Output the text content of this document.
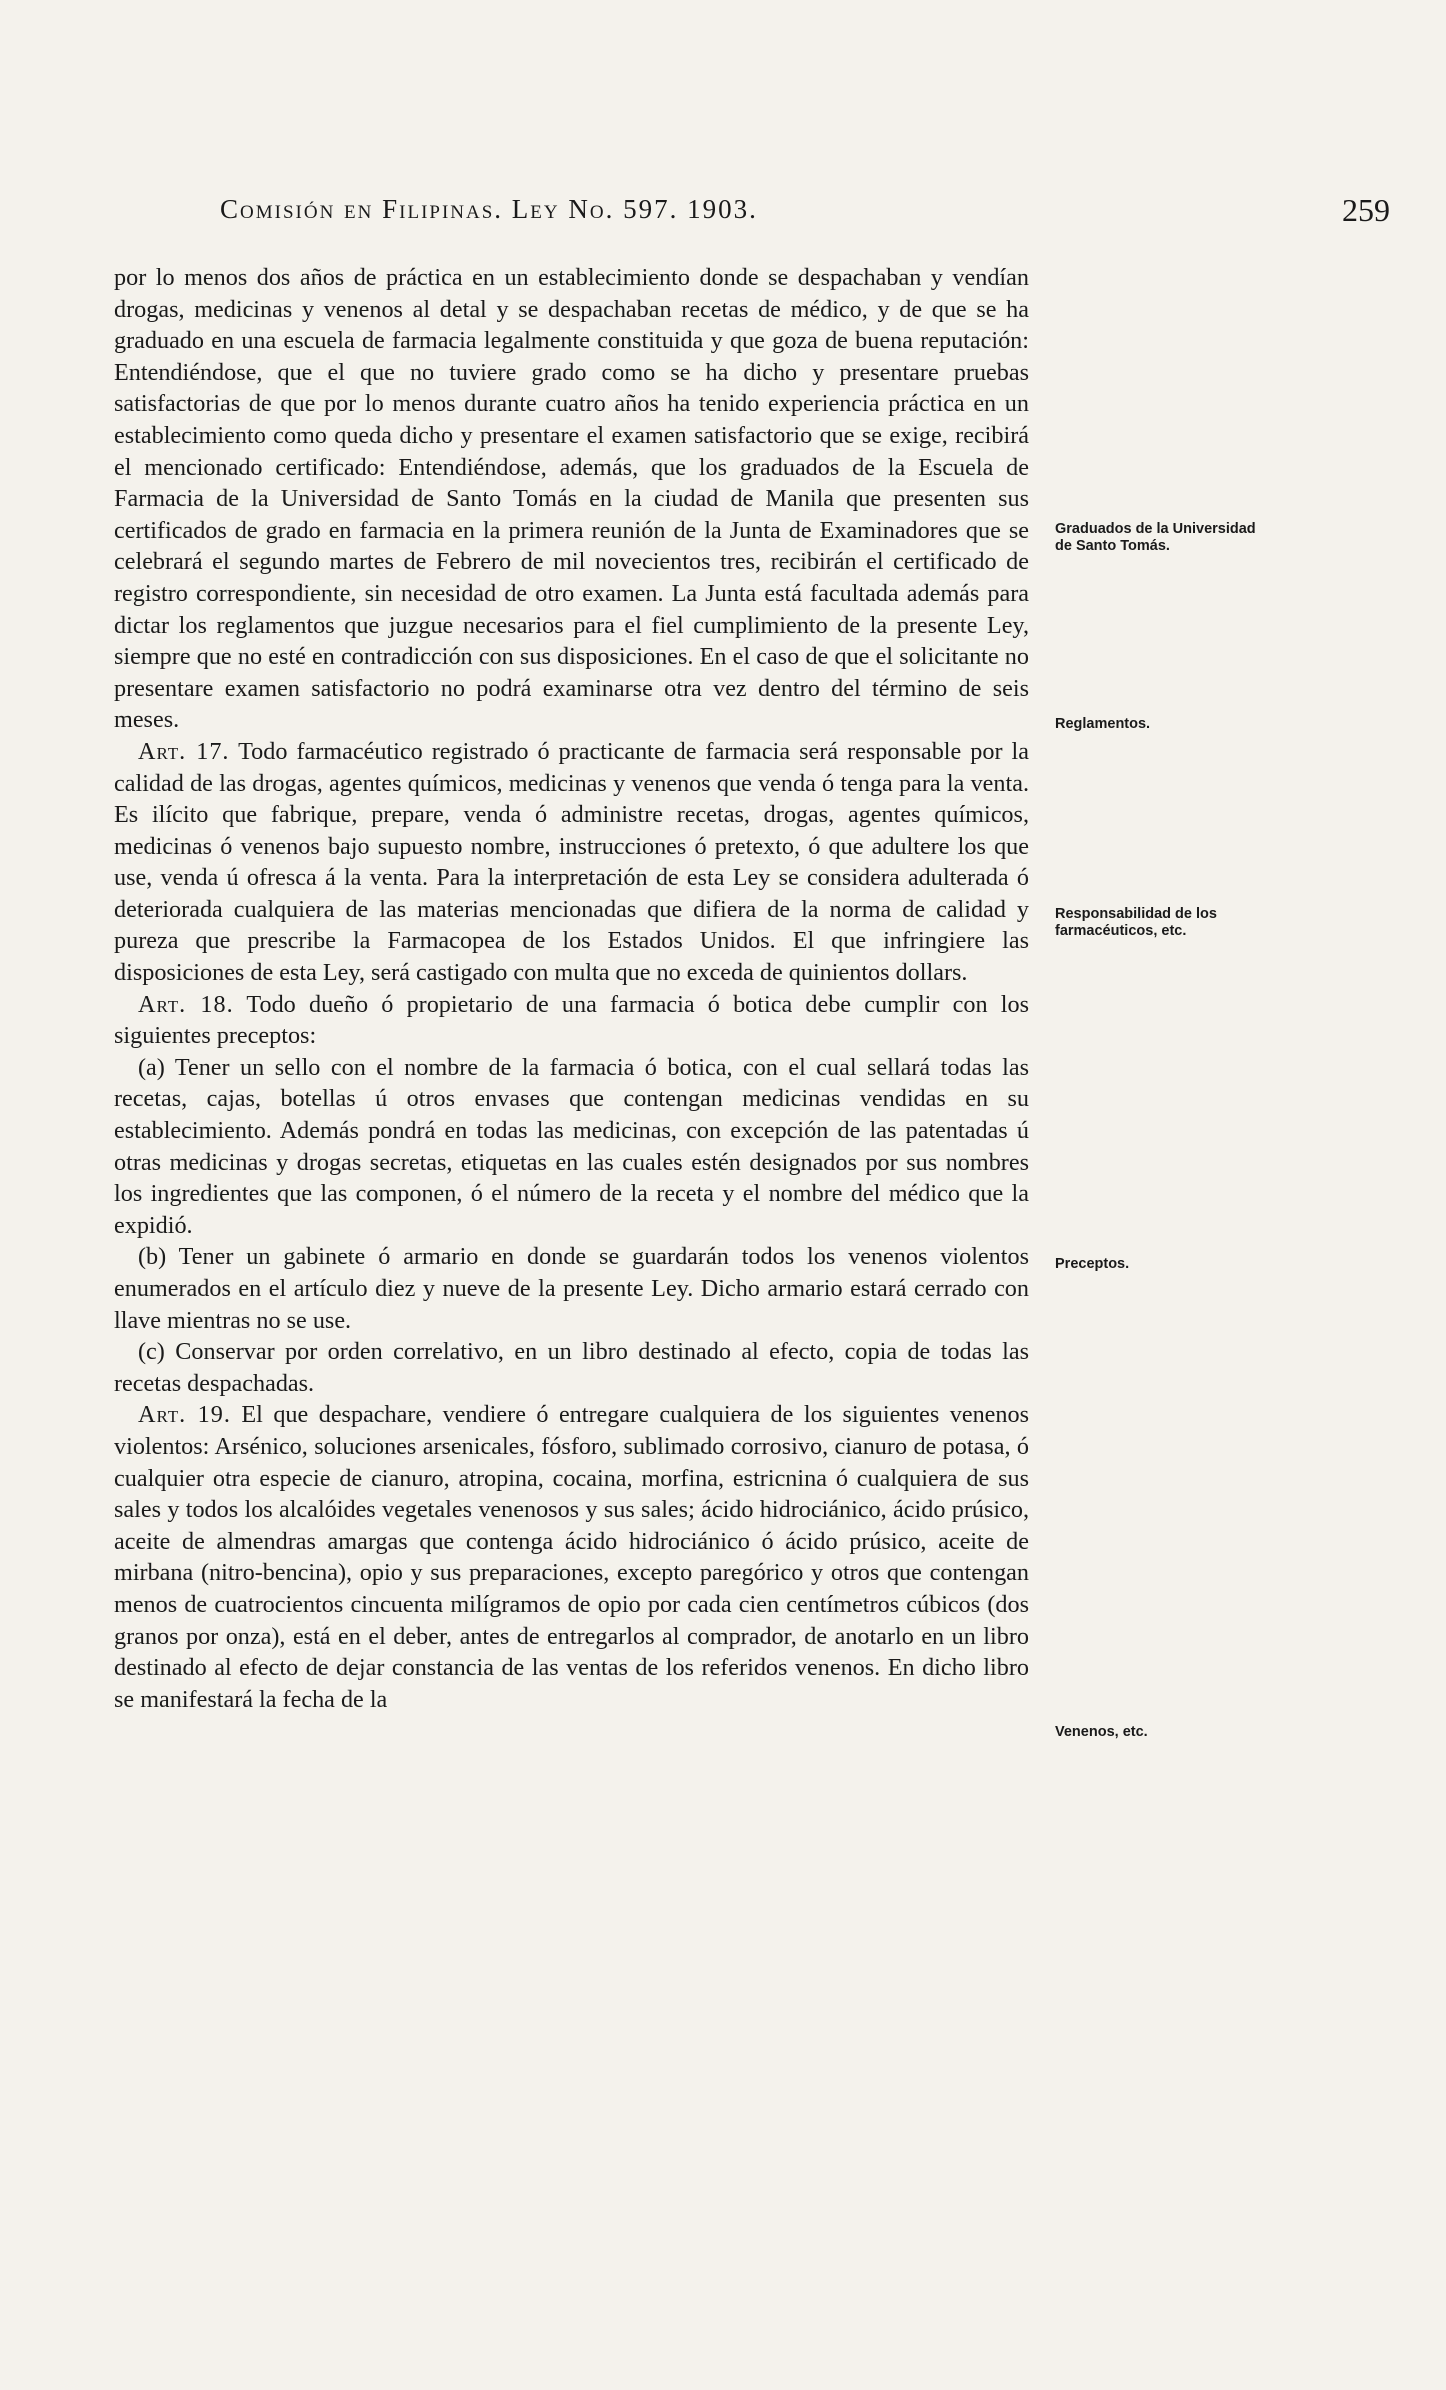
Comisión en Filipinas. Ley No. 597. 1903.	259

por lo menos dos años de práctica en un establecimiento donde se despachaban y vendían drogas, medicinas y venenos al detal y se despachaban recetas de médico, y de que se ha graduado en una escuela de farmacia legalmente constituida y que goza de buena reputación: Entendiéndose, que el que no tuviere grado como se ha dicho y presentare pruebas satisfactorias de que por lo menos durante cuatro años ha tenido experiencia práctica en un establecimiento como queda dicho y presentare el examen satisfactorio que se exige, recibirá el mencionado certificado: Entendiéndose, además, que los graduados de la Escuela de Farmacia de la Universidad de Santo Tomás en la ciudad de Manila que presenten sus certificados de grado en farmacia en la primera reunión de la Junta de Examinadores que se celebrará el segundo martes de Febrero de mil novecientos tres, recibirán el certificado de registro correspondiente, sin necesidad de otro examen. La Junta está facultada además para dictar los reglamentos que juzgue necesarios para el fiel cumplimiento de la presente Ley, siempre que no esté en contradicción con sus disposiciones. En el caso de que el solicitante no presentare examen satisfactorio no podrá examinarse otra vez dentro del término de seis meses.

Art. 17. Todo farmacéutico registrado ó practicante de farmacia será responsable por la calidad de las drogas, agentes químicos, medicinas y venenos que venda ó tenga para la venta. Es ilícito que fabrique, prepare, venda ó administre recetas, drogas, agentes químicos, medicinas ó venenos bajo supuesto nombre, instrucciones ó pretexto, ó que adultere los que use, venda ú ofresca á la venta. Para la interpretación de esta Ley se considera adulterada ó deteriorada cualquiera de las materias mencionadas que difiera de la norma de calidad y pureza que prescribe la Farmacopea de los Estados Unidos. El que infringiere las disposiciones de esta Ley, será castigado con multa que no exceda de quinientos dollars.

Art. 18. Todo dueño ó propietario de una farmacia ó botica debe cumplir con los siguientes preceptos:

(a) Tener un sello con el nombre de la farmacia ó botica, con el cual sellará todas las recetas, cajas, botellas ú otros envases que contengan medicinas vendidas en su establecimiento. Además pondrá en todas las medicinas, con excepción de las patentadas ú otras medicinas y drogas secretas, etiquetas en las cuales estén designados por sus nombres los ingredientes que las componen, ó el número de la receta y el nombre del médico que la expidió.

(b) Tener un gabinete ó armario en donde se guardarán todos los venenos violentos enumerados en el artículo diez y nueve de la presente Ley. Dicho armario estará cerrado con llave mientras no se use.

(c) Conservar por orden correlativo, en un libro destinado al efecto, copia de todas las recetas despachadas.

Art. 19. El que despachare, vendiere ó entregare cualquiera de los siguientes venenos violentos: Arsénico, soluciones arsenicales, fósforo, sublimado corrosivo, cianuro de potasa, ó cualquier otra especie de cianuro, atropina, cocaina, morfina, estricnina ó cualquiera de sus sales y todos los alcalóides vegetales venenosos y sus sales; ácido hidrociánico, ácido prúsico, aceite de almendras amargas que contenga ácido hidrociánico ó ácido prúsico, aceite de mirbana (nitro-bencina), opio y sus preparaciones, excepto paregórico y otros que contengan menos de cuatrocientos cincuenta milígramos de opio por cada cien centímetros cúbicos (dos granos por onza), está en el deber, antes de entregarlos al comprador, de anotarlo en un libro destinado al efecto de dejar constancia de las ventas de los referidos venenos. En dicho libro se manifestará la fecha de la

Graduados de la Universidad de Santo Tomás.
Reglamentos.
Responsabilidad de los farmacéuticos, etc.
Preceptos.
Venenos, etc.
